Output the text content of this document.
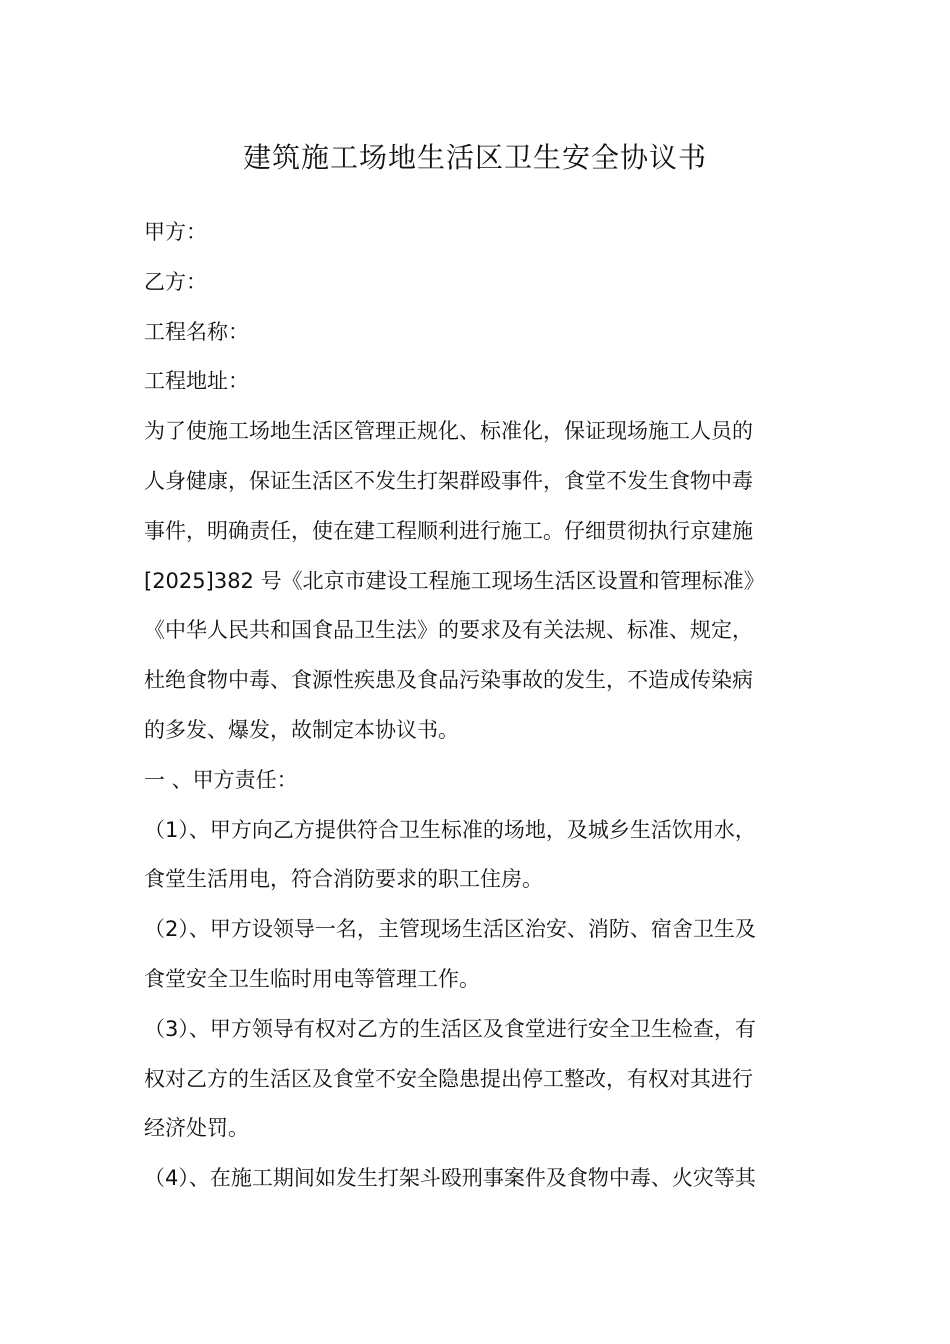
建筑施工场地生活区卫生安全协议书
甲方：
乙方：
工程名称：
工程地址：
为了使施工场地生活区管理正规化、标准化，保证现场施工人员的
人身健康，保证生活区不发生打架群殴事件，食堂不发生食物中毒
事件，明确责任，使在建工程顺利进行施工。仔细贯彻执行京建施
[2025]382 号《北京市建设工程施工现场生活区设置和管理标准》
《中华人民共和国食品卫生法》的要求及有关法规、标准、规定，
杜绝食物中毒、食源性疾患及食品污染事故的发生，不造成传染病
的多发、爆发，故制定本协议书。
一 、甲方责任：
（1）、甲方向乙方提供符合卫生标准的场地，及城乡生活饮用水，
食堂生活用电，符合消防要求的职工住房。
（2）、甲方设领导一名，主管现场生活区治安、消防、宿舍卫生及
食堂安全卫生临时用电等管理工作。
（3）、甲方领导有权对乙方的生活区及食堂进行安全卫生检查，有
权对乙方的生活区及食堂不安全隐患提出停工整改，有权对其进行
经济处罚。
（4）、在施工期间如发生打架斗殴刑事案件及食物中毒、火灾等其
